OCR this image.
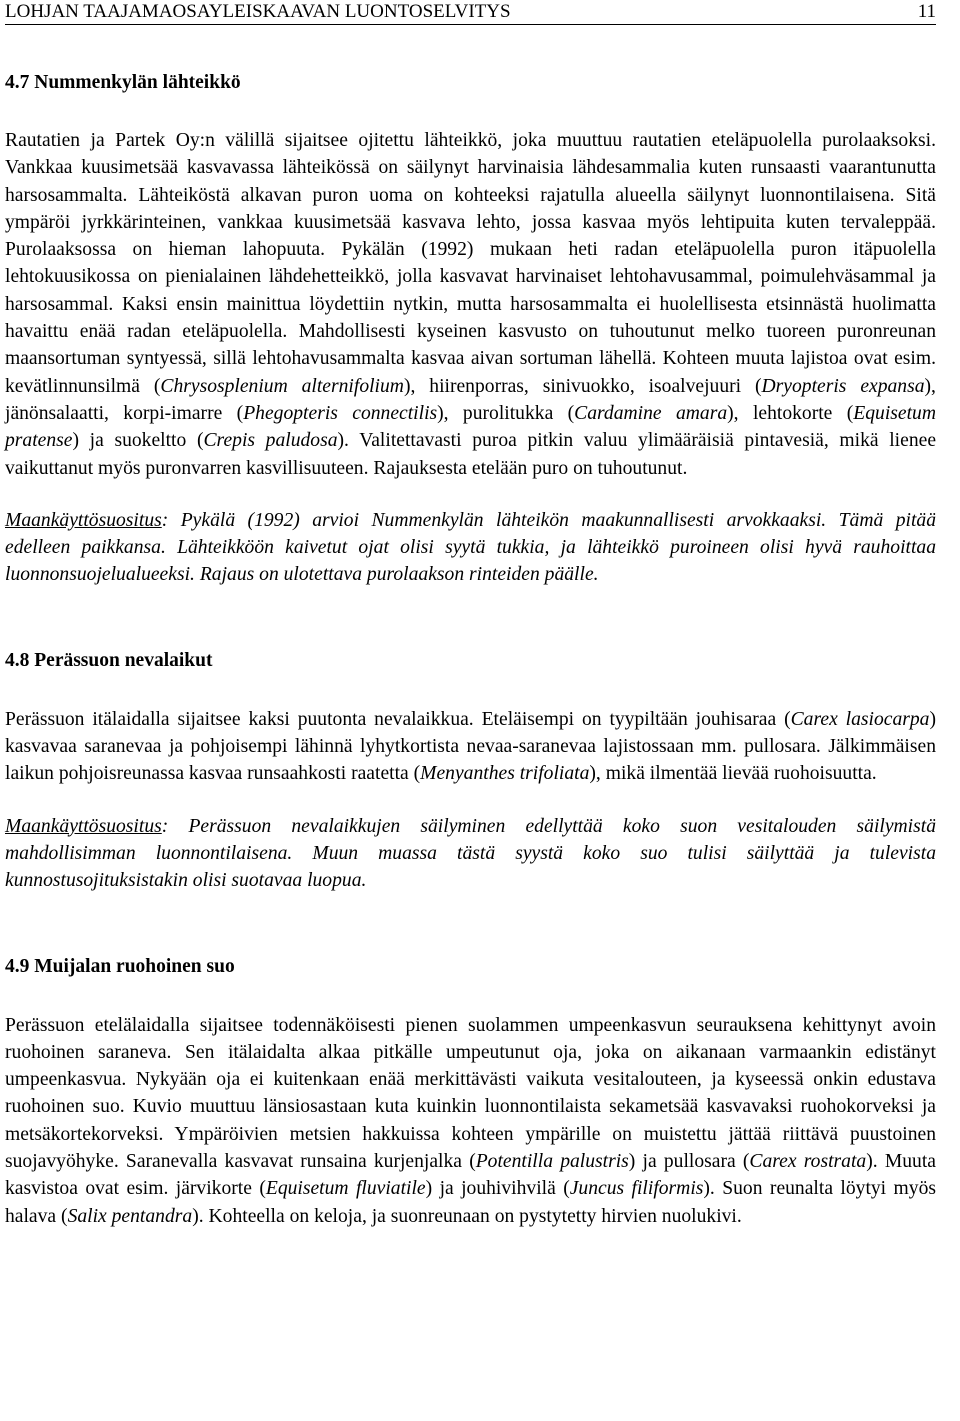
LOHJAN TAAJAMAOSAYLEISKAAVAN LUONTOSELVITYS	11
4.7 Nummenkylän lähteikkö

Rautatien ja Partek Oy:n välillä sijaitsee ojitettu lähteikkö, joka muuttuu rautatien eteläpuolella purolaaksoksi. Vankkaa kuusimetsää kasvavassa lähteikössä on säilynyt harvinaisia lähdesammalia kuten runsaasti vaarantunutta harsosammalta. Lähteiköstä alkavan puron uoma on kohteeksi rajatulla alueella säilynyt luonnontilaisena. Sitä ympäröi jyrkkärinteinen, vankkaa kuusimetsää kasvava lehto, jossa kasvaa myös lehtipuita kuten tervaleppää. Purolaaksossa on hieman lahopuuta. Pykälän (1992) mukaan heti radan eteläpuolella puron itäpuolella lehtokuusikossa on pienialainen lähdehetteikkö, jolla kasvavat harvinaiset lehtohavusammal, poimulehväsammal ja harsosammal. Kaksi ensin mainittua löydettiin nytkin, mutta harsosammalta ei huolellisesta etsinnästä huolimatta havaittu enää radan eteläpuolella. Mahdollisesti kyseinen kasvusto on tuhoutunut melko tuoreen puronreunan maansortuman syntyessä, sillä lehtohavusammalta kasvaa aivan sortuman lähellä. Kohteen muuta lajistoa ovat esim. kevätlinnunsilmä (Chrysosplenium alternifolium), hiirenporras, sinivuokko, isoalvejuuri (Dryopteris expansa), jänönsalaatti, korpi-imarre (Phegopteris connectilis), purolitukka (Cardamine amara), lehtokorte (Equisetum pratense) ja suokeltto (Crepis paludosa). Valitettavasti puroa pitkin valuu ylimääräisiä pintavesiä, mikä lienee vaikuttanut myös puronvarren kasvillisuuteen. Rajauksesta etelään puro on tuhoutunut.

Maankäyttösuositus: Pykälä (1992) arvioi Nummenkylän lähteikön maakunnallisesti arvokkaaksi. Tämä pitää edelleen paikkansa. Lähteikköön kaivetut ojat olisi syytä tukkia, ja lähteikkö puroineen olisi hyvä rauhoittaa luonnonsuojelualueeksi. Rajaus on ulotettava purolaakson rinteiden päälle.

4.8 Perässuon nevalaikut

Perässuon itälaidalla sijaitsee kaksi puutonta nevalaikkua. Eteläisempi on tyypiltään jouhisaraa (Carex lasiocarpa) kasvavaa saranevaa ja pohjoisempi lähinnä lyhytkortista nevaa-saranevaa lajistossaan mm. pullosara. Jälkimmäisen laikun pohjoisreunassa kasvaa runsaahkosti raatetta (Menyanthes trifoliata), mikä ilmentää lievää ruohoisuutta.

Maankäyttösuositus: Perässuon nevalaikkujen säilyminen edellyttää koko suon vesitalouden säilymistä mahdollisimman luonnontilaisena. Muun muassa tästä syystä koko suo tulisi säilyttää ja tulevista kunnostusojituksistakin olisi suotavaa luopua.

4.9 Muijalan ruohoinen suo

Perässuon etelälaidalla sijaitsee todennäköisesti pienen suolammen umpeenkasvun seurauksena kehittynyt avoin ruohoinen saraneva. Sen itälaidalta alkaa pitkälle umpeutunut oja, joka on aikanaan varmaankin edistänyt umpeenkasvua. Nykyään oja ei kuitenkaan enää merkittävästi vaikuta vesitalouteen, ja kyseessä onkin edustava ruohoinen suo. Kuvio muuttuu länsiosastaan kuta kuinkin luonnontilaista sekametsää kasvavaksi ruohokorveksi ja metsäkortekorveksi. Ympäröivien metsien hakkuissa kohteen ympärille on muistettu jättää riittävä puustoinen suojavyöhyke. Saranevalla kasvavat runsaina kurjenjalka (Potentilla palustris) ja pullosara (Carex rostrata). Muuta kasvistoa ovat esim. järvikorte (Equisetum fluviatile) ja jouhivihvilä (Juncus filiformis). Suon reunalta löytyi myös halava (Salix pentandra). Kohteella on keloja, ja suonreunaan on pystytetty hirvien nuolukivi.
